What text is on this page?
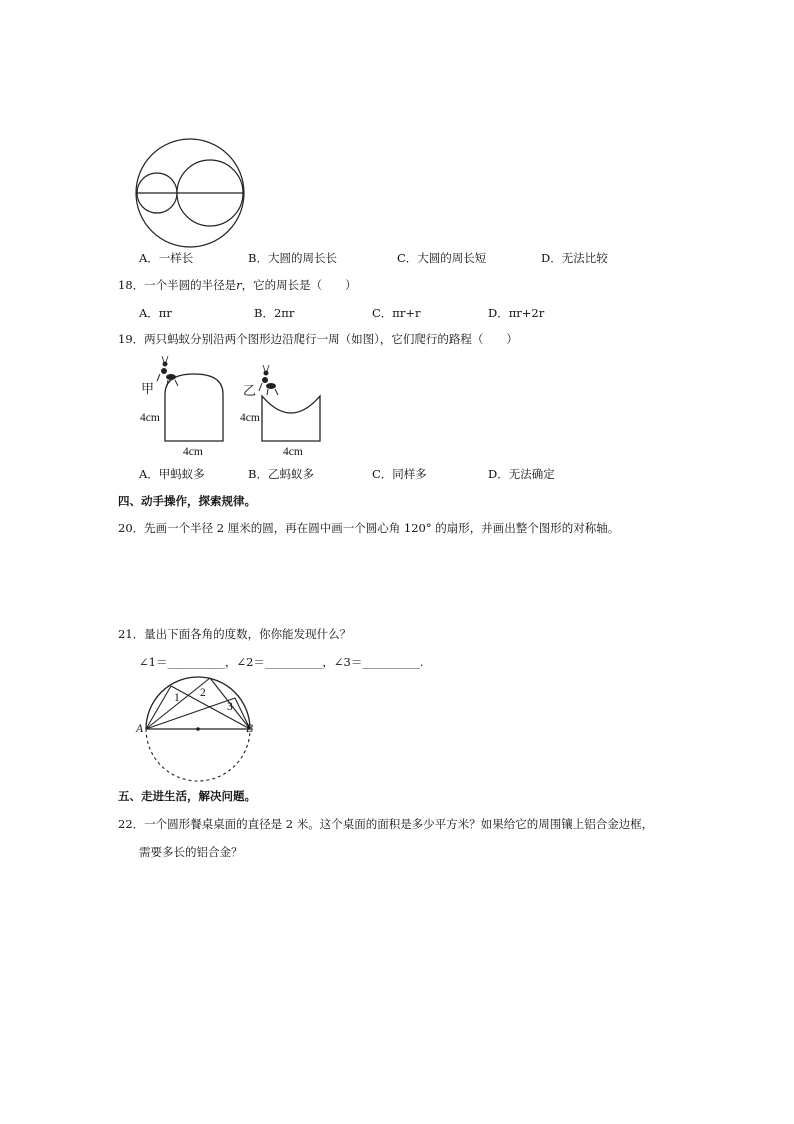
A．一样长	B．大圆的周长长	C．大圆的周长短	D．无法比较
18．一个半圆的半径是r，它的周长是（　　）
A．πr	B．2πr	C．πr+r	D．πr+2r
19．两只蚂蚁分别沿两个图形边沿爬行一周（如图），它们爬行的路程（　　）
甲
4cm
4cm
乙
4cm
4cm
A．甲蚂蚁多	B．乙蚂蚁多	C．同样多	D．无法确定
四、动手操作，探索规律。
20．先画一个半径 2 厘米的圆，再在圆中画一个圆心角 120° 的扇形，并画出整个图形的对称轴。
21．量出下面各角的度数，你你能发现什么？
∠1＝__________，∠2＝__________，∠3＝__________.
A	B
1 2
3
五、走进生活，解决问题。
22．一个圆形餐桌桌面的直径是 2 米。这个桌面的面积是多少平方米？如果给它的周围镶上铝合金边框，
需要多长的铝合金？
